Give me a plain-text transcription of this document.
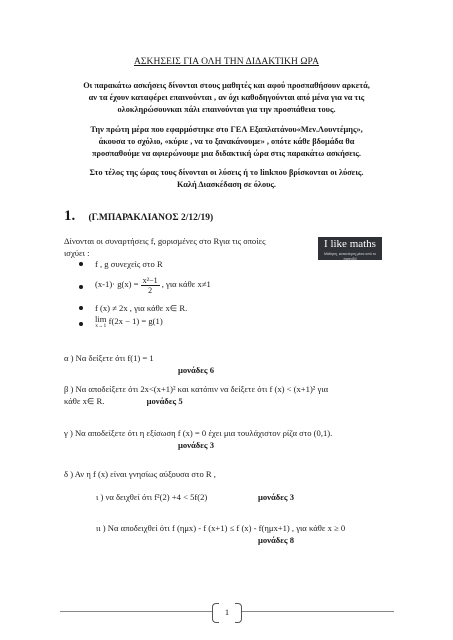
ΑΣΚΗΣΕΙΣ ΓΙΑ ΟΛΗ ΤΗΝ ΔΙΔΑΚΤΙΚΗ ΩΡΑ
Οι παρακάτω ασκήσεις δίνονται στους μαθητές και αφού προσπαθήσουν αρκετά,
αν τα έχουν καταφέρει επαινούνται , αν όχι καθοδηγούνται από μένα για να τις
ολοκληρώσουνκαι πάλι επαινούνται για την προσπάθεια τους.
Την πρώτη μέρα που εφαρμόστηκε στο ΓΕΛ Εξαπλατάνου«Μεν.Λουντέμης»,
άκουσα το σχόλιο, «κύριε , να το ξανακάνουμε» , οπότε κάθε βδομάδα θα
προσπαθούμε να αφιερώνουμε μια διδακτική ώρα στις παρακάτω ασκήσεις.
Στο τέλος της ώρας τους δίνονται οι λύσεις ή το linkπου βρίσκονται οι λύσεις.
Καλή Διασκέδαση σε όλους.
1. (Γ.ΜΠΑΡΑΚΛΙΑΝΟΣ 2/12/19)
Δίνονται οι συναρτήσεις f, gορισμένες στο Rγια τις οποίες
ισχύει :
I like maths
Μάθηση, κατανόηση μέσα από το παιχνίδι!
f , g συνεχείς στο R
$(x-1)\cdot g(x) = \frac{\text{x²−1}}{2}$ , για κάθε x≠1
f (x) ≠ 2x , για κάθε x∈ R.
lim
x→1
f(2x − 1) = g(1)
α ) Να δείξετε ότι f(1) = 1
μονάδες 6
β ) Να αποδείξετε ότι 2x<(x+1)² και κατόπιν να δείξετε ότι f (x) < (x+1)² για
κάθε x∈ R.	μονάδες 5
γ ) Να αποδείξετε ότι η εξίσωση f (x) = 0 έχει μια τουλάχιστον ρίζα στο (0,1).
μονάδες 3
δ ) Αν η f (x) είναι γνησίως αύξουσα στο R ,
ι ) να δειχθεί ότι f²(2) +4 < 5f(2)	μονάδες 3
ιι ) Να αποδειχθεί ότι f (ημx) - f (x+1) ≤ f (x) - f(ημx+1) , για κάθε x ≥ 0
μονάδες 8
1
